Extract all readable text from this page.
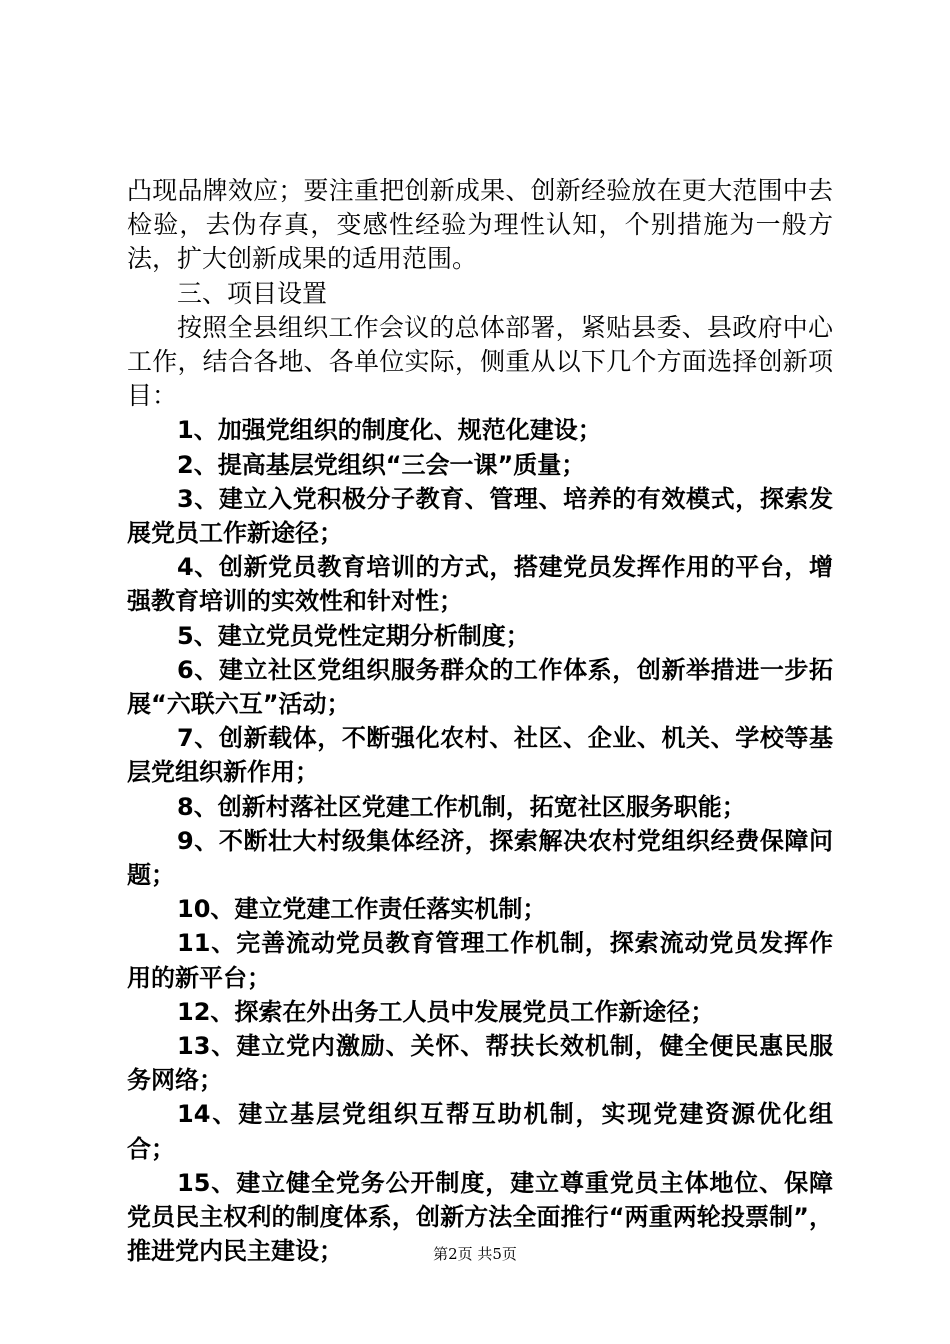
凸现品牌效应；要注重把创新成果、创新经验放在更大范围中去检验，去伪存真，变感性经验为理性认知，个别措施为一般方法，扩大创新成果的适用范围。

三、项目设置

按照全县组织工作会议的总体部署，紧贴县委、县政府中心工作，结合各地、各单位实际，侧重从以下几个方面选择创新项目：

1、加强党组织的制度化、规范化建设；

2、提高基层党组织“三会一课”质量；

3、建立入党积极分子教育、管理、培养的有效模式，探索发展党员工作新途径；

4、创新党员教育培训的方式，搭建党员发挥作用的平台，增强教育培训的实效性和针对性；

5、建立党员党性定期分析制度；

6、建立社区党组织服务群众的工作体系，创新举措进一步拓展“六联六互”活动；

7、创新载体，不断强化农村、社区、企业、机关、学校等基层党组织新作用；

8、创新村落社区党建工作机制，拓宽社区服务职能；

9、不断壮大村级集体经济，探索解决农村党组织经费保障问题；

10、建立党建工作责任落实机制；

11、完善流动党员教育管理工作机制，探索流动党员发挥作用的新平台；

12、探索在外出务工人员中发展党员工作新途径；

13、建立党内激励、关怀、帮扶长效机制，健全便民惠民服务网络；

14、建立基层党组织互帮互助机制，实现党建资源优化组合；

15、建立健全党务公开制度，建立尊重党员主体地位、保障党员民主权利的制度体系，创新方法全面推行“两重两轮投票制”，推进党内民主建设；	第2页 共5页
